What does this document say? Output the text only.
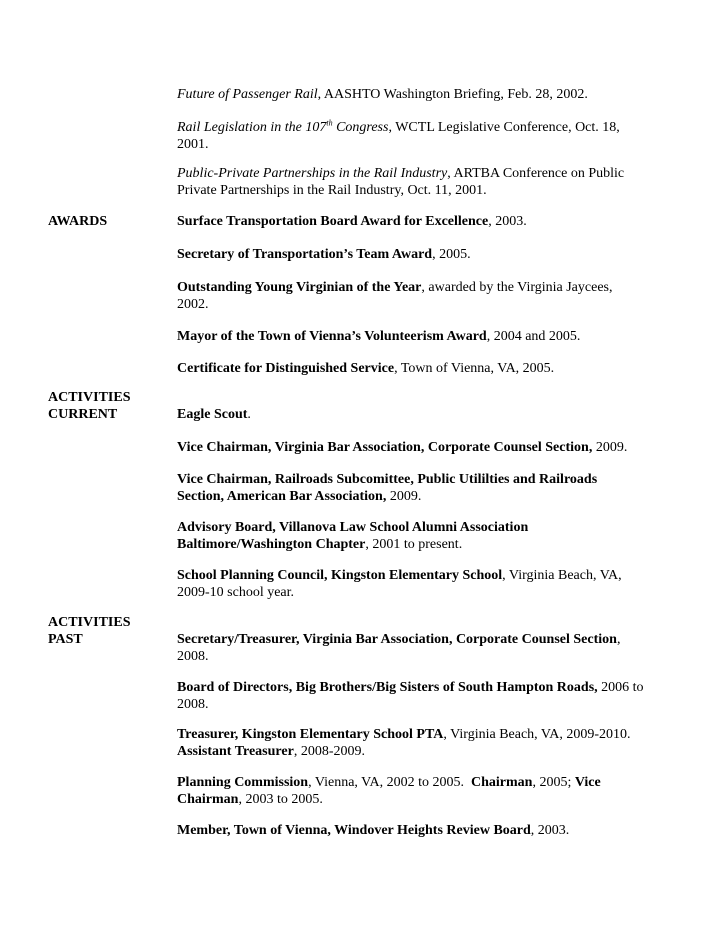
Future of Passenger Rail, AASHTO Washington Briefing, Feb. 28, 2002.
Rail Legislation in the 107th Congress, WCTL Legislative Conference, Oct. 18, 2001.
Public-Private Partnerships in the Rail Industry, ARTBA Conference on Public Private Partnerships in the Rail Industry, Oct. 11, 2001.
AWARDS	Surface Transportation Board Award for Excellence, 2003.
Secretary of Transportation’s Team Award, 2005.
Outstanding Young Virginian of the Year, awarded by the Virginia Jaycees, 2002.
Mayor of the Town of Vienna’s Volunteerism Award, 2004 and 2005.
Certificate for Distinguished Service, Town of Vienna, VA, 2005.
ACTIVITIES
CURRENT	Eagle Scout.
Vice Chairman, Virginia Bar Association, Corporate Counsel Section, 2009.
Vice Chairman, Railroads Subcomittee, Public Utililties and Railroads Section, American Bar Association, 2009.
Advisory Board, Villanova Law School Alumni Association Baltimore/Washington Chapter, 2001 to present.
School Planning Council, Kingston Elementary School, Virginia Beach, VA, 2009-10 school year.
ACTIVITIES
PAST	Secretary/Treasurer, Virginia Bar Association, Corporate Counsel Section, 2008.
Board of Directors, Big Brothers/Big Sisters of South Hampton Roads, 2006 to 2008.
Treasurer, Kingston Elementary School PTA, Virginia Beach, VA, 2009-2010.  Assistant Treasurer, 2008-2009.
Planning Commission, Vienna, VA, 2002 to 2005.  Chairman, 2005; Vice Chairman, 2003 to 2005.
Member, Town of Vienna, Windover Heights Review Board, 2003.
